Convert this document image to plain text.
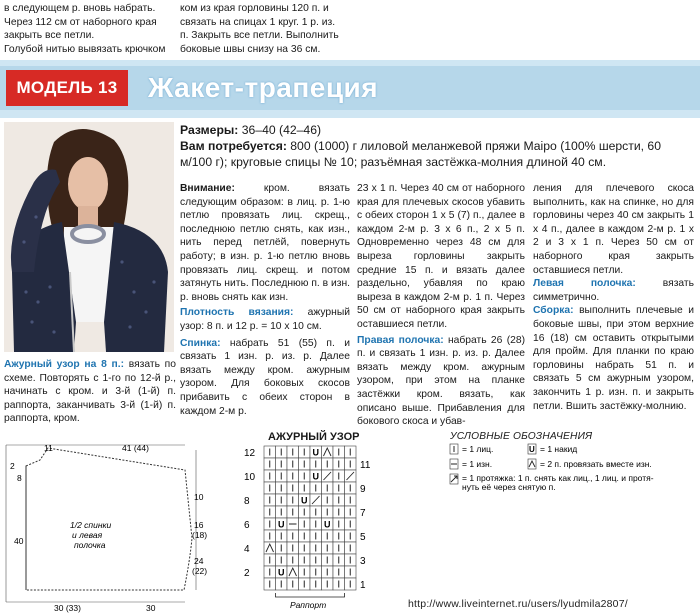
в следующем р. вновь набрать.
Через 112 см от наборного края
закрыть все петли.
Голубой нитью вывязать крючком
ком из края горловины 120 п. и
связать на спицах 1 круг. 1 р. из.
п. Закрыть все петли. Выполнить
боковые швы снизу на 36 см.
МОДЕЛЬ 13	Жакет-трапеция
Размеры: 36–40 (42–46)
Вам потребуется: 800 (1000) г лиловой меланжевой пряжи Маiро (100% шерсти, 60 м/100 г); круговые спицы № 10; разъёмная застёжка-молния длиной 40 см.

Внимание:	кром. вязать следующим образом: в лиц. р. 1-ю петлю провязать лиц. скрещ., последнюю петлю снять, как изн., нить перед петлёй, повернуть работу; в изн. р. 1-ю петлю вновь провязать лиц. скрещ. и потом затянуть нить. Последнюю п. в изн. р. вновь снять как изн.

Плотность вязания: ажурный узор: 8 п. и 12 р. = 10 х 10 см.

Спинка: набрать 51 (55) п. и связать 1 изн. р. из. р. Далее вязать между кром. ажурным узором. Для боковых скосов прибавить с обеих сторон в каждом 2-м р.

23 х 1 п. Через 40 см от наборного края для плечевых скосов убавить с обеих сторон 1 х 5 (7) п., далее в каждом 2-м р. 3 х 6 п., 2 х 5 п. Одновременно через 48 см для выреза горловины закрыть средние 15 п. и вязать далее раздельно, убавляя по краю выреза в каждом 2-м р. 1 п. Через 50 см от наборного края закрыть оставшиеся петли.

Правая полочка: набрать 26 (28) п. и связать 1 изн. р. из. р. Далее вязать между кром. ажурным узором, при этом на планке застёжки кром. вязать, как описано выше. Прибавления для бокового скоса и убав-

ления для плечевого скоса выполнить, как на спинке, но для горловины через 40 см закрыть 1 х 4 п., далее в каждом 2-м р. 1 х 2 и 3 х 1 п. Через 50 см от наборного края закрыть оставшиеся петли.

Левая полочка:	вязать симметрично.

Сборка: выполнить плечевые и боковые швы, при этом верхние 16 (18) см оставить открытыми для пройм. Для планки по краю горловины набрать 51 п. и связать 5 см ажурным узором, закончить 1 р. изн. п. и закрыть петли. Вшить застёжку-молнию.

Ажурный узор на 8 п.: вязать по схеме. Повторять с 1-го по 12-й р., начинать с кром. и 3-й (1-й) п. раппорта, заканчивать 3-й (1-й) п. раппорта, кром.
1/2 спинки
и левая
полочка
2
8
11	41 (44)
10
16
(18)
40
24
(22)
30 (33)	30
АЖУРНЫЙ УЗОР
U
U
U
U	U
U
12
10
8
6
4
2
11
9
7
5
3
1
Раппорт
УСЛОВНЫЕ ОБОЗНАЧЕНИЯ
= 1 лиц.
= 1 изн.
U = 1 накид
= 2 п. провязать вместе изн.
= 1 протяжка: 1 п. снять как лиц., 1 лиц. и протя-
нуть её через снятую п.
http://www.liveinternet.ru/users/lyudmila2807/
